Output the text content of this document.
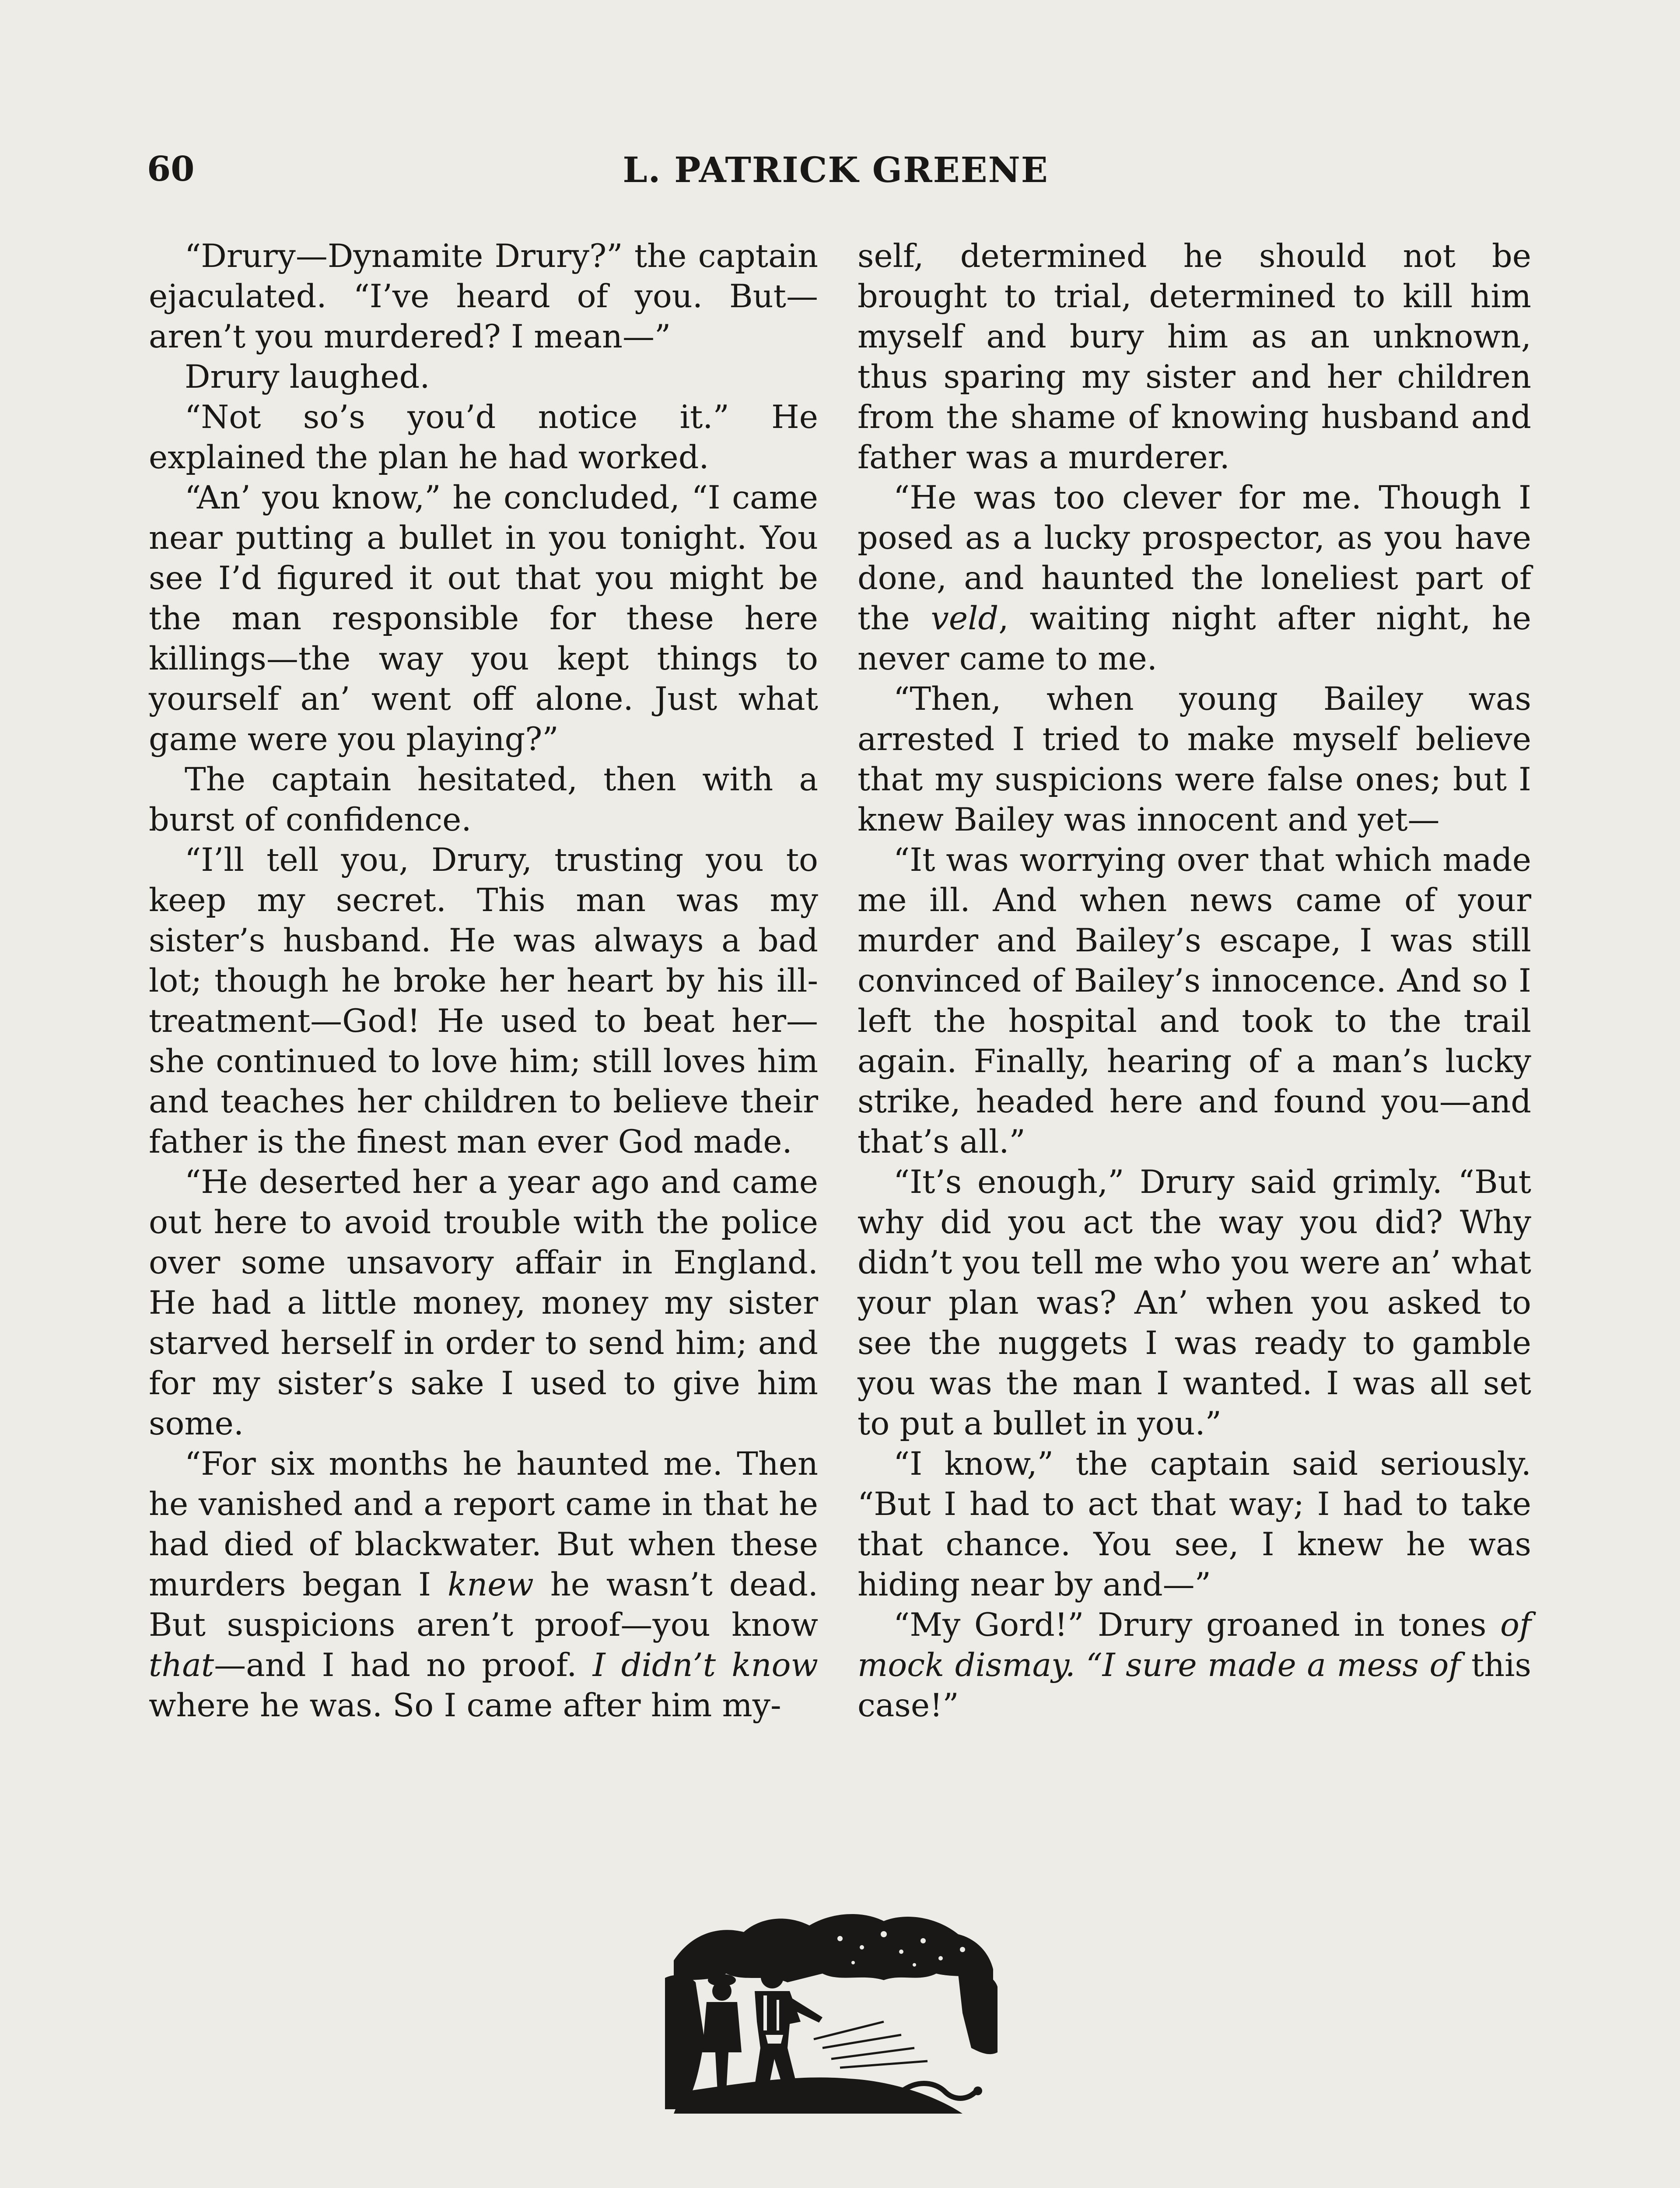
60	L. PATRICK GREENE

“Drury—Dynamite Drury?” the captain ejaculated. “I’ve heard of you. But—aren’t you murdered? I mean—”

Drury laughed.

“Not so’s you’d notice it.” He explained the plan he had worked.

“An’ you know,” he concluded, “I came near putting a bullet in you tonight. You see I’d figured it out that you might be the man responsible for these here killings—the way you kept things to yourself an’ went off alone. Just what game were you playing?”

The captain hesitated, then with a burst of confidence.

“I’ll tell you, Drury, trusting you to keep my secret. This man was my sister’s husband. He was always a bad lot; though he broke her heart by his ill-treatment—God! He used to beat her—she continued to love him; still loves him and teaches her children to believe their father is the finest man ever God made.

“He deserted her a year ago and came out here to avoid trouble with the police over some unsavory affair in England. He had a little money, money my sister starved herself in order to send him; and for my sister’s sake I used to give him some.

“For six months he haunted me. Then he vanished and a report came in that he had died of blackwater. But when these murders began I knew he wasn’t dead. But suspicions aren’t proof—you know that—and I had no proof. I didn’t know where he was. So I came after him my-

self, determined he should not be brought to trial, determined to kill him myself and bury him as an unknown, thus sparing my sister and her children from the shame of knowing husband and father was a murderer.

“He was too clever for me. Though I posed as a lucky prospector, as you have done, and haunted the loneliest part of the veld, waiting night after night, he never came to me.

“Then, when young Bailey was arrested I tried to make myself believe that my suspicions were false ones; but I knew Bailey was innocent and yet—

“It was worrying over that which made me ill. And when news came of your murder and Bailey’s escape, I was still convinced of Bailey’s innocence. And so I left the hospital and took to the trail again. Finally, hearing of a man’s lucky strike, headed here and found you—and that’s all.”

“It’s enough,” Drury said grimly. “But why did you act the way you did? Why didn’t you tell me who you were an’ what your plan was? An’ when you asked to see the nuggets I was ready to gamble you was the man I wanted. I was all set to put a bullet in you.”

“I know,” the captain said seriously. “But I had to act that way; I had to take that chance. You see, I knew he was hiding near by and—”

“My Gord!” Drury groaned in tones of mock dismay. “I sure made a mess of this case!”
